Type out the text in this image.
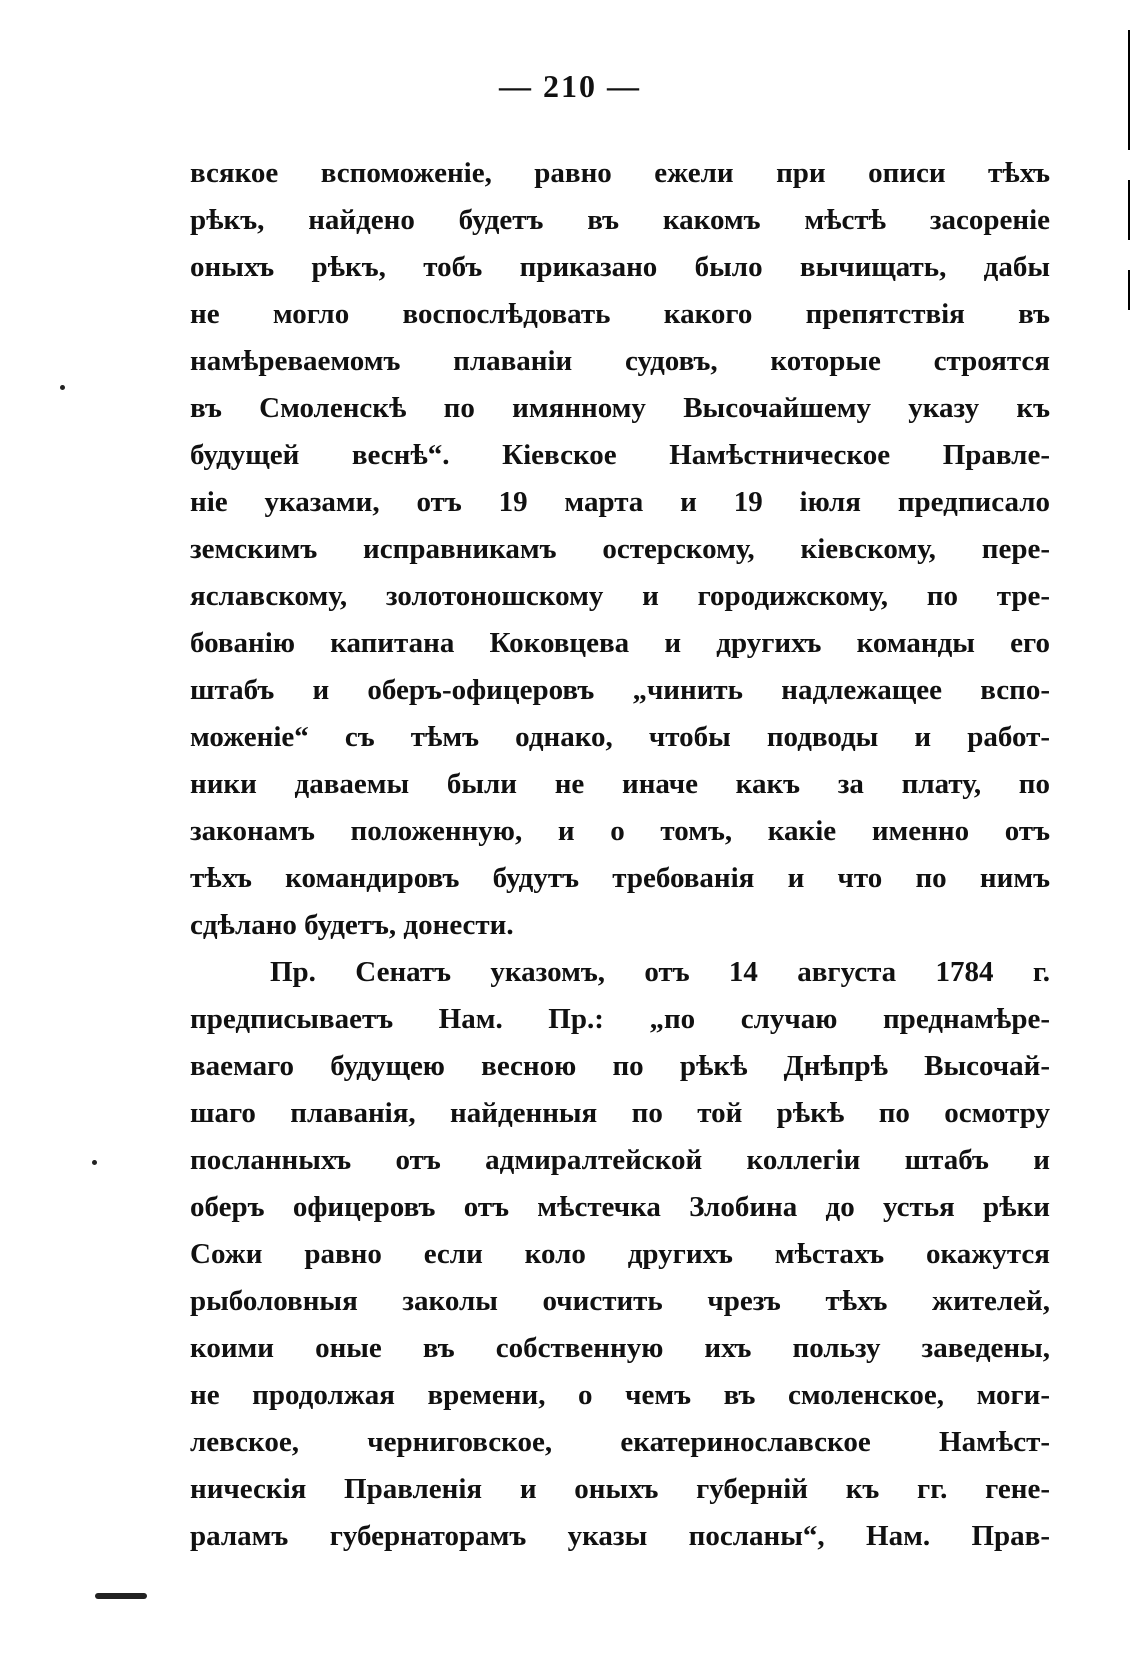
— 210 —
всякое вспоможеніе, равно ежели при описи тѣхъ
рѣкъ, найдено будетъ въ какомъ мѣстѣ засореніе
оныхъ рѣкъ, тобъ приказано было вычищать, дабы
не могло воспослѣдовать какого препятствія въ
намѣреваемомъ плаваніи судовъ, которые строятся
въ Смоленскѣ по имянному Высочайшему указу къ
будущей веснѣ“. Кіевское Намѣстническое Правле-
ніе указами, отъ 19 марта и 19 іюля предписало
земскимъ исправникамъ остерскому, кіевскому, пере-
яславскому, золотоношскому и городижскому, по тре-
бованію капитана Коковцева и другихъ команды его
штабъ и оберъ-офицеровъ „чинить надлежащее вспо-
моженіе“ съ тѣмъ однако, чтобы подводы и работ-
ники даваемы были не иначе какъ за плату, по
законамъ положенную, и о томъ, какіе именно отъ
тѣхъ командировъ будутъ требованія и что по нимъ
сдѣлано будетъ, донести.
Пр. Сенатъ указомъ, отъ 14 августа 1784 г.
предписываетъ Нам. Пр.: „по случаю преднамѣре-
ваемаго будущею весною по рѣкѣ Днѣпрѣ Высочай-
шаго плаванія, найденныя по той рѣкѣ по осмотру
посланныхъ отъ адмиралтейской коллегіи штабъ и
оберъ офицеровъ отъ мѣстечка Злобина до устья рѣки
Сожи равно если коло другихъ мѣстахъ окажутся
рыболовныя заколы очистить чрезъ тѣхъ жителей,
коими оные въ собственную ихъ пользу заведены,
не продолжая времени, о чемъ въ смоленское, моги-
левское, черниговское, екатеринославское Намѣст-
ническія Правленія и оныхъ губерній къ гг. гене-
раламъ губернаторамъ указы посланы“, Нам. Прав-
